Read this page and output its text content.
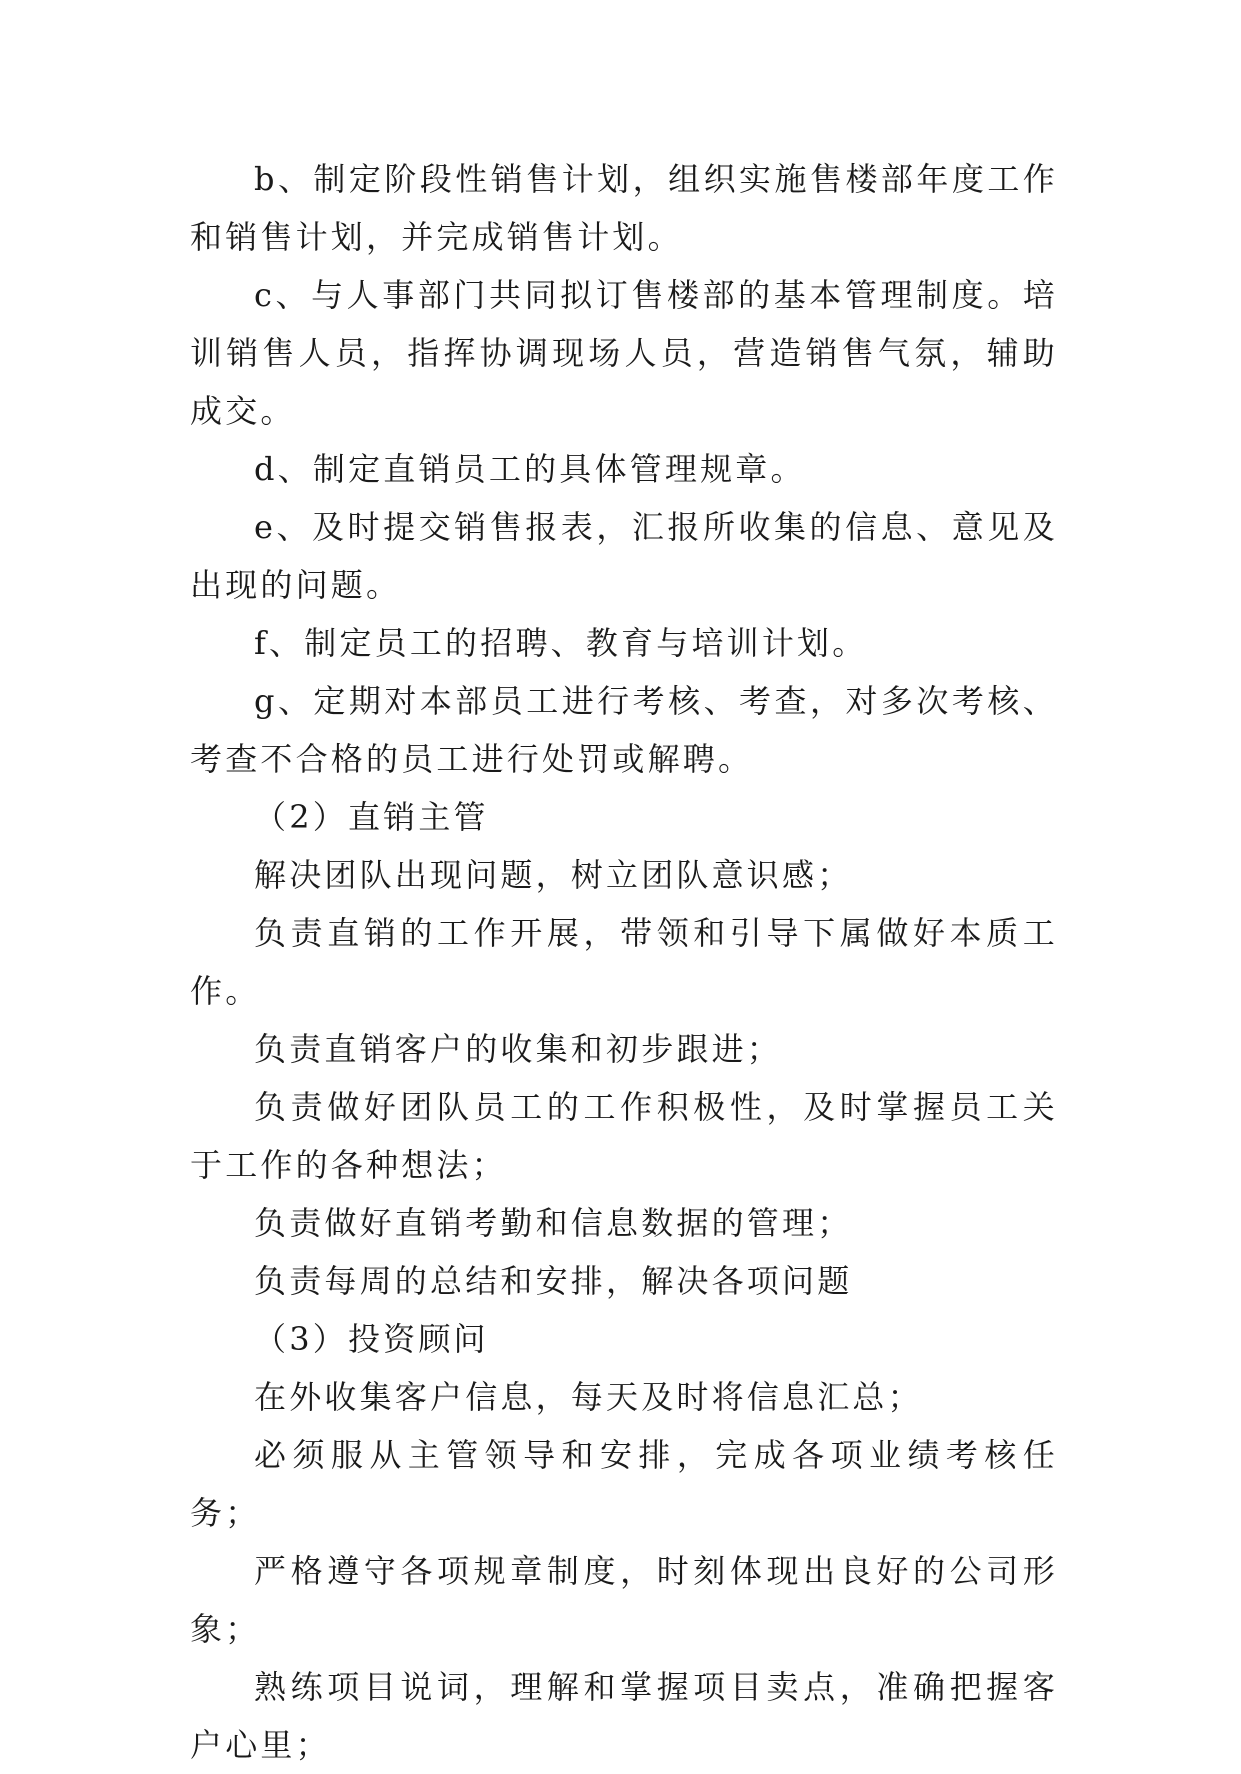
b、制定阶段性销售计划，组织实施售楼部年度工作和销售计划，并完成销售计划。

c、与人事部门共同拟订售楼部的基本管理制度。培训销售人员，指挥协调现场人员，营造销售气氛，辅助成交。

d、制定直销员工的具体管理规章。

e、及时提交销售报表，汇报所收集的信息、意见及出现的问题。

f、制定员工的招聘、教育与培训计划。

g、定期对本部员工进行考核、考查，对多次考核、考查不合格的员工进行处罚或解聘。

（2）直销主管

解决团队出现问题，树立团队意识感；

负责直销的工作开展，带领和引导下属做好本质工作。

负责直销客户的收集和初步跟进；

负责做好团队员工的工作积极性，及时掌握员工关于工作的各种想法；

负责做好直销考勤和信息数据的管理；

负责每周的总结和安排，解决各项问题

（3）投资顾问

在外收集客户信息，每天及时将信息汇总；

必须服从主管领导和安排，完成各项业绩考核任务；

严格遵守各项规章制度，时刻体现出良好的公司形象；

熟练项目说词，理解和掌握项目卖点，准确把握客户心里；
